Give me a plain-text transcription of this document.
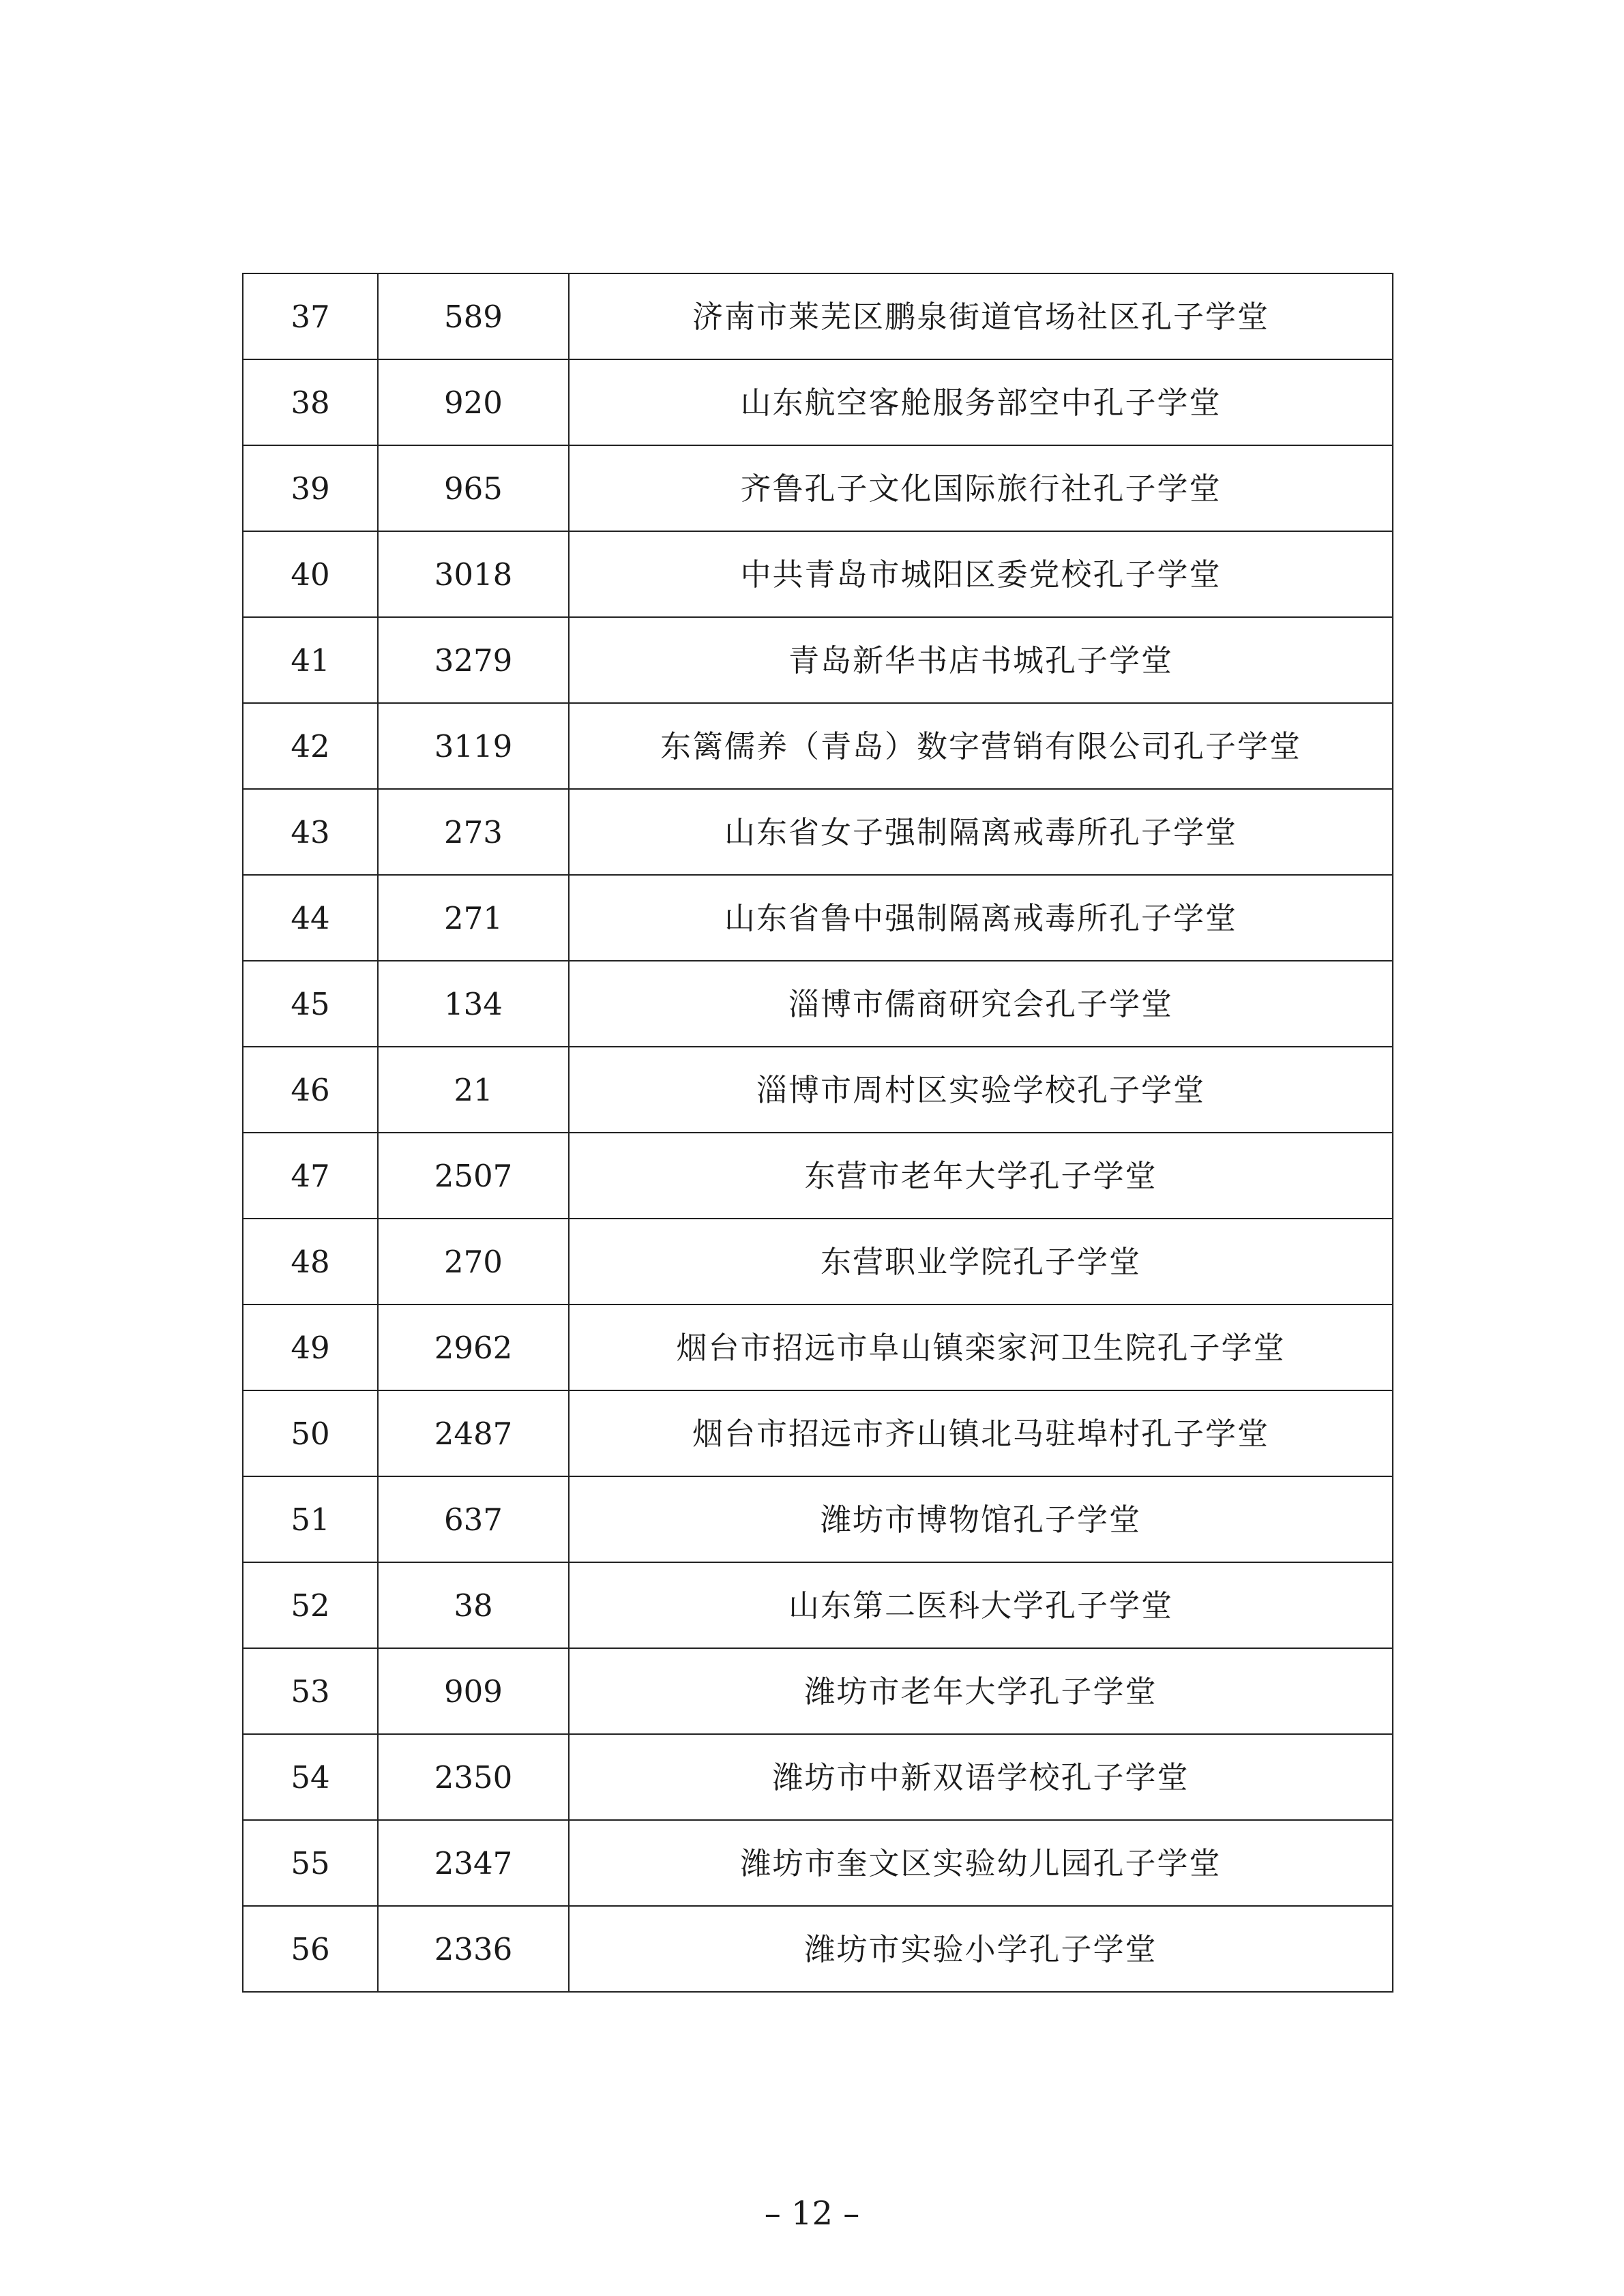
37	589	济南市莱芜区鹏泉街道官场社区孔子学堂
38	920	山东航空客舱服务部空中孔子学堂
39	965	齐鲁孔子文化国际旅行社孔子学堂
40	3018	中共青岛市城阳区委党校孔子学堂
41	3279	青岛新华书店书城孔子学堂
42	3119	东篱儒养（青岛）数字营销有限公司孔子学堂
43	273	山东省女子强制隔离戒毒所孔子学堂
44	271	山东省鲁中强制隔离戒毒所孔子学堂
45	134	淄博市儒商研究会孔子学堂
46	21	淄博市周村区实验学校孔子学堂
47	2507	东营市老年大学孔子学堂
48	270	东营职业学院孔子学堂
49	2962	烟台市招远市阜山镇栾家河卫生院孔子学堂
50	2487	烟台市招远市齐山镇北马驻埠村孔子学堂
51	637	潍坊市博物馆孔子学堂
52	38	山东第二医科大学孔子学堂
53	909	潍坊市老年大学孔子学堂
54	2350	潍坊市中新双语学校孔子学堂
55	2347	潍坊市奎文区实验幼儿园孔子学堂
56	2336	潍坊市实验小学孔子学堂
– 12 –
